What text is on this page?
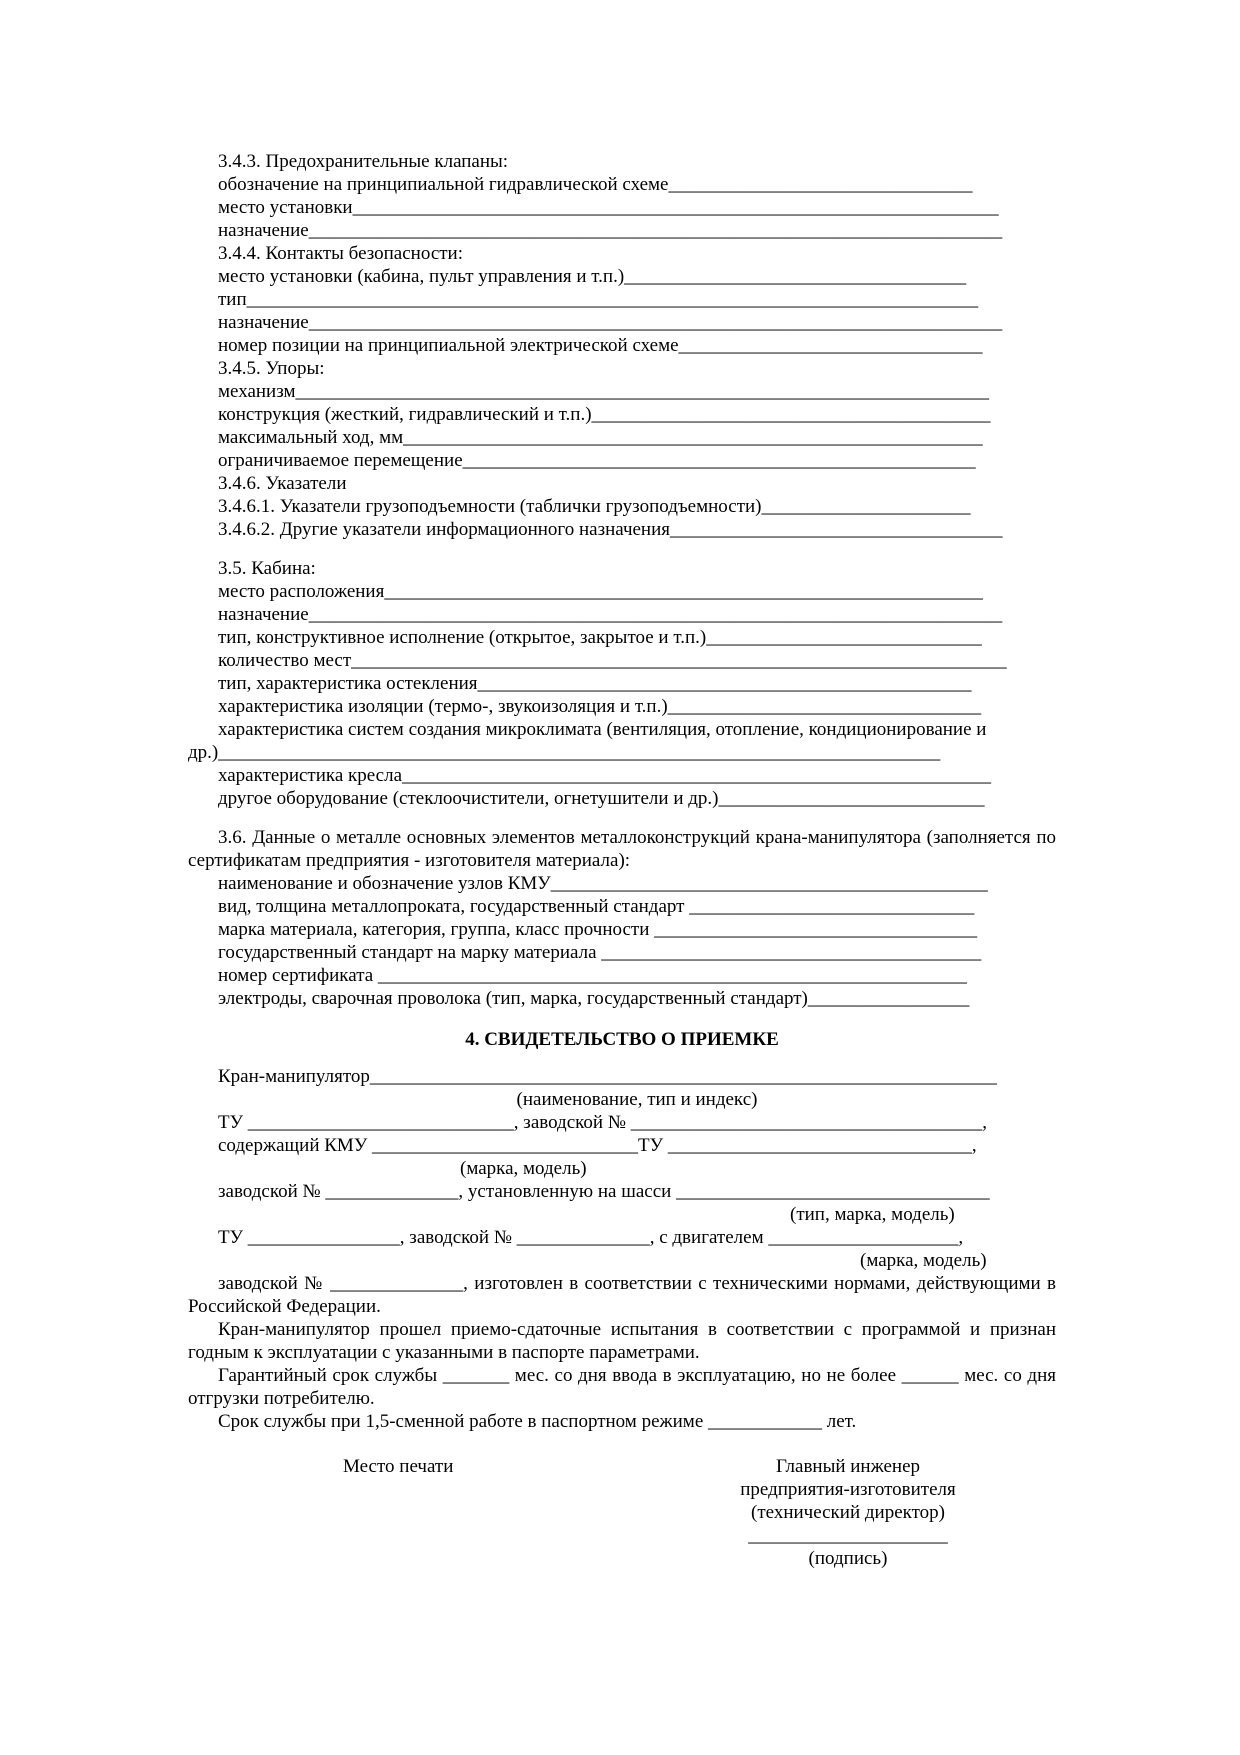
3.4.3. Предохранительные клапаны:
обозначение на принципиальной гидравлической схеме________________________________
место установки____________________________________________________________________
назначение_________________________________________________________________________
3.4.4. Контакты безопасности:
место установки (кабина, пульт управления и т.п.)____________________________________
тип_____________________________________________________________________________
назначение_________________________________________________________________________
номер позиции на принципиальной электрической схеме________________________________
3.4.5. Упоры:
механизм_________________________________________________________________________
конструкция (жесткий, гидравлический и т.п.)__________________________________________
максимальный ход, мм_____________________________________________________________
ограничиваемое перемещение______________________________________________________
3.4.6. Указатели
3.4.6.1. Указатели грузоподъемности (таблички грузоподъемности)______________________
3.4.6.2. Другие указатели информационного назначения___________________________________
3.5. Кабина:
место расположения_______________________________________________________________
назначение_________________________________________________________________________
тип, конструктивное исполнение (открытое, закрытое и т.п.)_____________________________
количество мест_____________________________________________________________________
тип, характеристика остекления____________________________________________________
характеристика изоляции (термо-, звукоизоляция и т.п.)_________________________________
характеристика систем создания микроклимата (вентиляция, отопление, кондиционирование и
др.)____________________________________________________________________________
характеристика кресла______________________________________________________________
другое оборудование (стеклоочистители, огнетушители и др.)____________________________
3.6. Данные о металле основных элементов металлоконструкций крана-манипулятора (заполняется по сертификатам предприятия - изготовителя материала):
наименование и обозначение узлов КМУ______________________________________________
вид, толщина металлопроката, государственный стандарт ______________________________
марка материала, категория, группа, класс прочности __________________________________
государственный стандарт на марку материала ________________________________________
номер сертификата ______________________________________________________________
электроды, сварочная проволока (тип, марка, государственный стандарт)_________________
4. СВИДЕТЕЛЬСТВО О ПРИЕМКЕ
Кран-манипулятор__________________________________________________________________
(наименование, тип и индекс)
ТУ ____________________________, заводской № _____________________________________,
содержащий КМУ ____________________________ТУ ________________________________,
(марка, модель)
заводской № ______________, установленную на шасси _________________________________
(тип, марка, модель)
ТУ ________________, заводской № ______________, с двигателем ____________________,
(марка, модель)
заводской № ______________, изготовлен в соответствии с техническими нормами, действующими в Российской Федерации.
Кран-манипулятор прошел приемо-сдаточные испытания в соответствии с программой и признан годным к эксплуатации с указанными в паспорте параметрами.
Гарантийный срок службы _______ мес. со дня ввода в эксплуатацию, но не более ______ мес. со дня отгрузки потребителю.
Срок службы при 1,5-сменной работе в паспортном режиме ____________ лет.
Место печати	Главный инженер
предприятия-изготовителя
(технический директор)
_____________________
(подпись)
